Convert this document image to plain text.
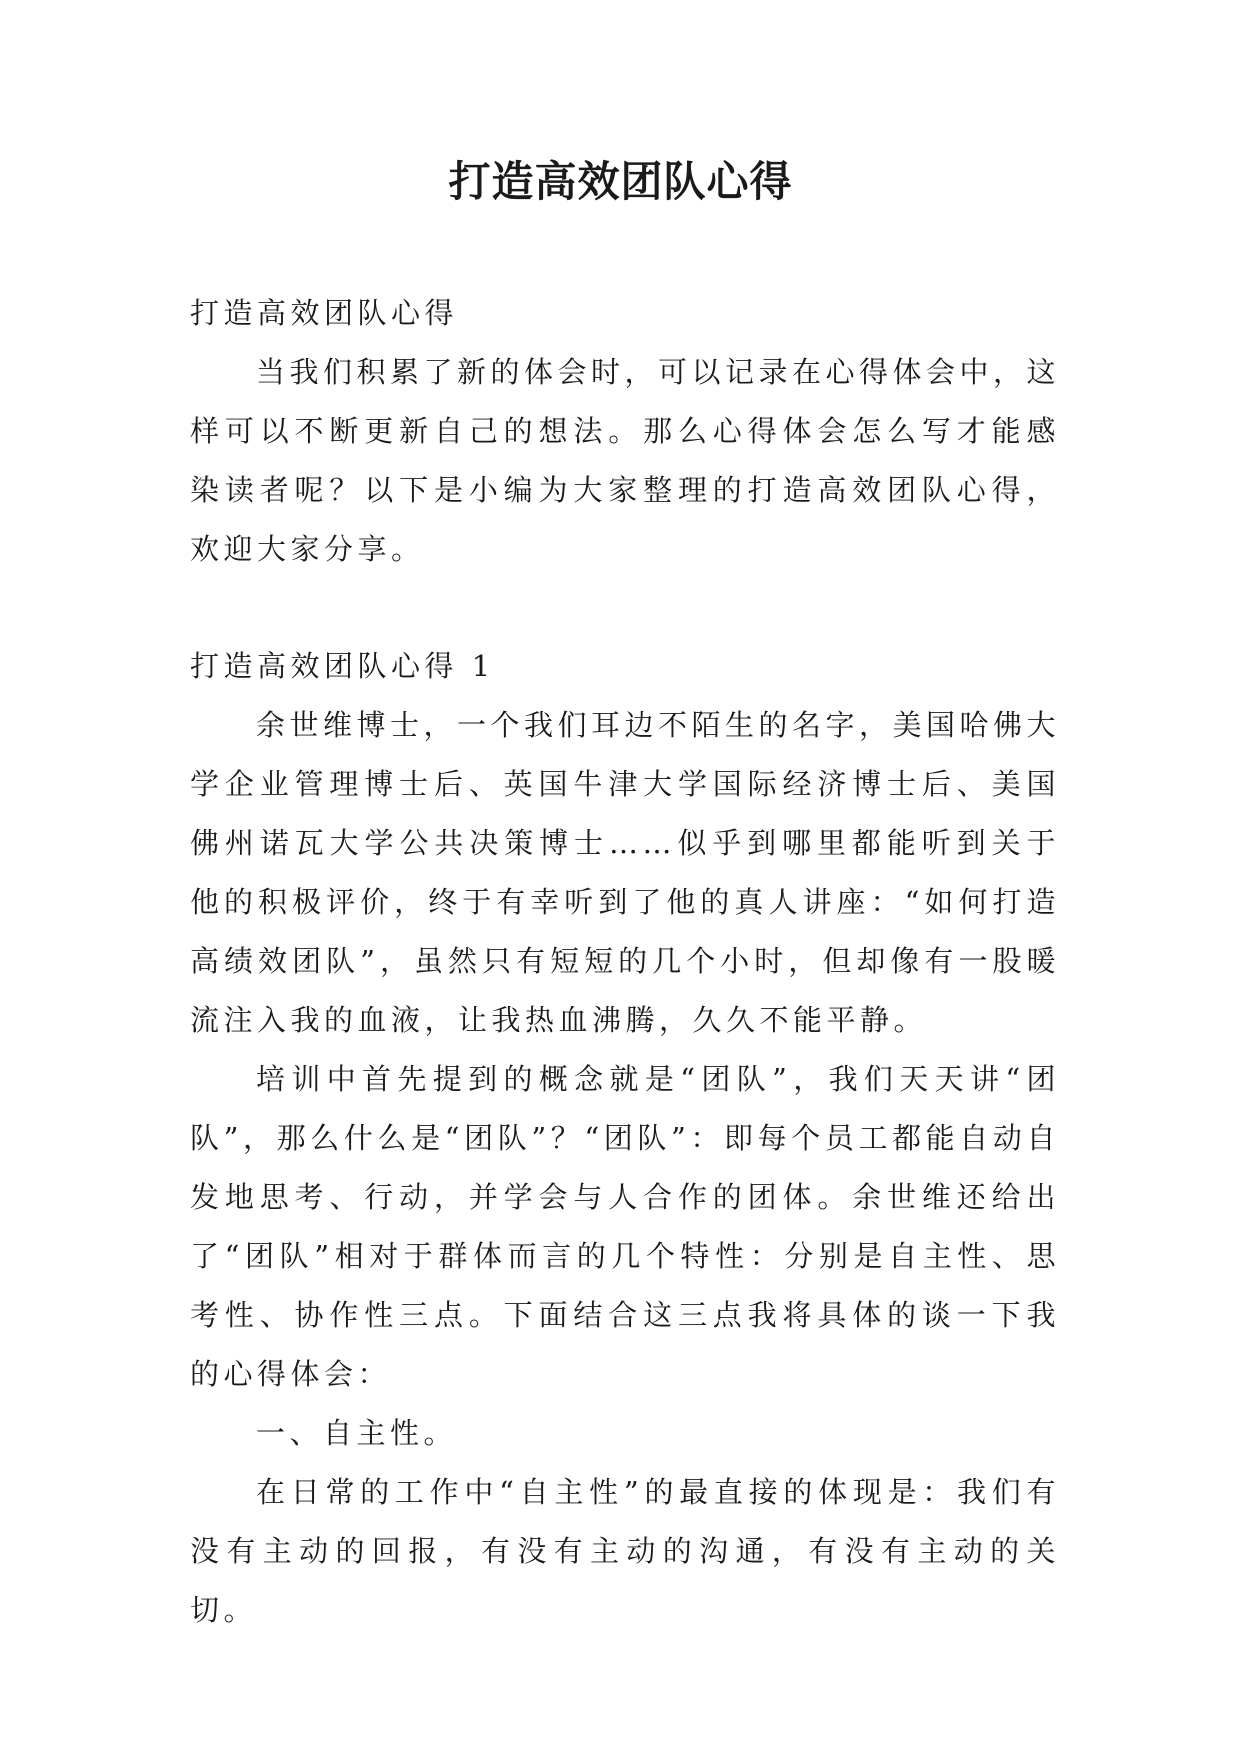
打造高效团队心得

打造高效团队心得

当我们积累了新的体会时，可以记录在心得体会中，这样可以不断更新自己的想法。那么心得体会怎么写才能感染读者呢？以下是小编为大家整理的打造高效团队心得，欢迎大家分享。

打造高效团队心得 1

余世维博士，一个我们耳边不陌生的名字，美国哈佛大学企业管理博士后、英国牛津大学国际经济博士后、美国佛州诺瓦大学公共决策博士……似乎到哪里都能听到关于他的积极评价，终于有幸听到了他的真人讲座：“如何打造高绩效团队”，虽然只有短短的几个小时，但却像有一股暖流注入我的血液，让我热血沸腾，久久不能平静。

培训中首先提到的概念就是“团队”，我们天天讲“团队”，那么什么是“团队”？“团队”：即每个员工都能自动自发地思考、行动，并学会与人合作的团体。余世维还给出了“团队”相对于群体而言的几个特性：分别是自主性、思考性、协作性三点。下面结合这三点我将具体的谈一下我的心得体会：

一、自主性。

在日常的工作中“自主性”的最直接的体现是：我们有没有主动的回报，有没有主动的沟通，有没有主动的关切。
